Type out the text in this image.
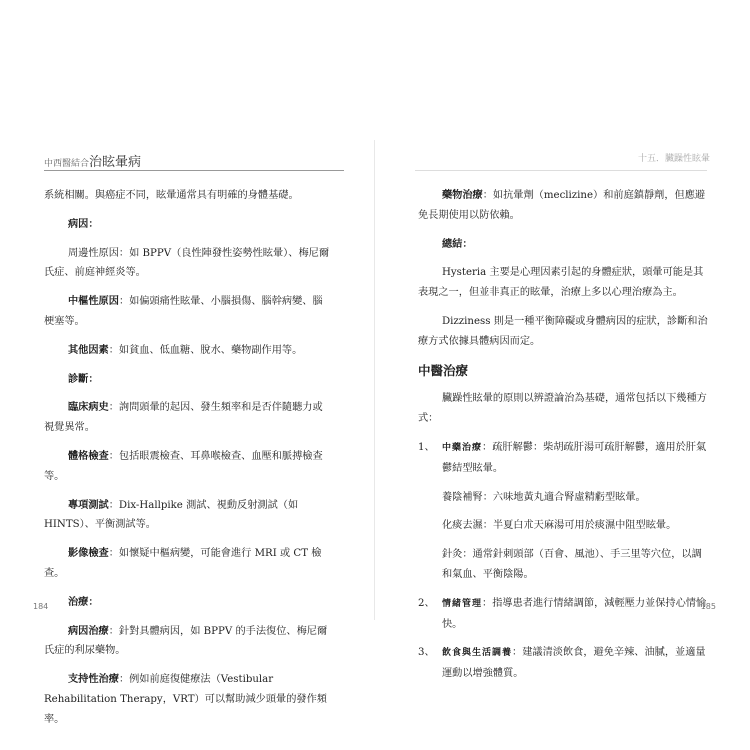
中西醫結合治眩暈病

系統相關。與癌症不同，眩暈通常具有明確的身體基礎。

病因：

周邊性原因：如 BPPV（良性陣發性姿勢性眩暈）、梅尼爾氏症、前庭神經炎等。

中樞性原因：如偏頭痛性眩暈、小腦損傷、腦幹病變、腦梗塞等。

其他因素：如貧血、低血糖、脫水、藥物副作用等。

診斷：

臨床病史：詢問頭暈的起因、發生頻率和是否伴隨聽力或視覺異常。

體格檢查：包括眼震檢查、耳鼻喉檢查、血壓和脈搏檢查等。

專項測試：Dix-Hallpike 測試、視動反射測試（如 HINTS）、平衡測試等。

影像檢查：如懷疑中樞病變，可能會進行 MRI 或 CT 檢查。

治療：

病因治療：針對具體病因，如 BPPV 的手法復位、梅尼爾氏症的利尿藥物。

支持性治療：例如前庭復健療法（Vestibular Rehabilitation Therapy，VRT）可以幫助減少頭暈的發作頻率。

184
十五．臟躁性眩暈

藥物治療：如抗暈劑（meclizine）和前庭鎮靜劑，但應避免長期使用以防依賴。

總結：

Hysteria 主要是心理因素引起的身體症狀，頭暈可能是其表現之一，但並非真正的眩暈，治療上多以心理治療為主。

Dizziness 則是一種平衡障礙或身體病因的症狀，診斷和治療方式依據具體病因而定。

中醫治療

臟躁性眩暈的原則以辨證論治為基礎，通常包括以下幾種方式：

1、 中藥治療：疏肝解鬱：柴胡疏肝湯可疏肝解鬱，適用於肝氣鬱結型眩暈。

養陰補腎：六味地黃丸適合腎虛精虧型眩暈。

化痰去濕：半夏白朮天麻湯可用於痰濕中阻型眩暈。

針灸：通常針刺頭部（百會、風池）、手三里等穴位，以調和氣血、平衡陰陽。

2、 情緒管理：指導患者進行情緒調節，減輕壓力並保持心情愉快。
3、 飲食與生活調養：建議清淡飲食，避免辛辣、油膩，並適量運動以增強體質。
185
